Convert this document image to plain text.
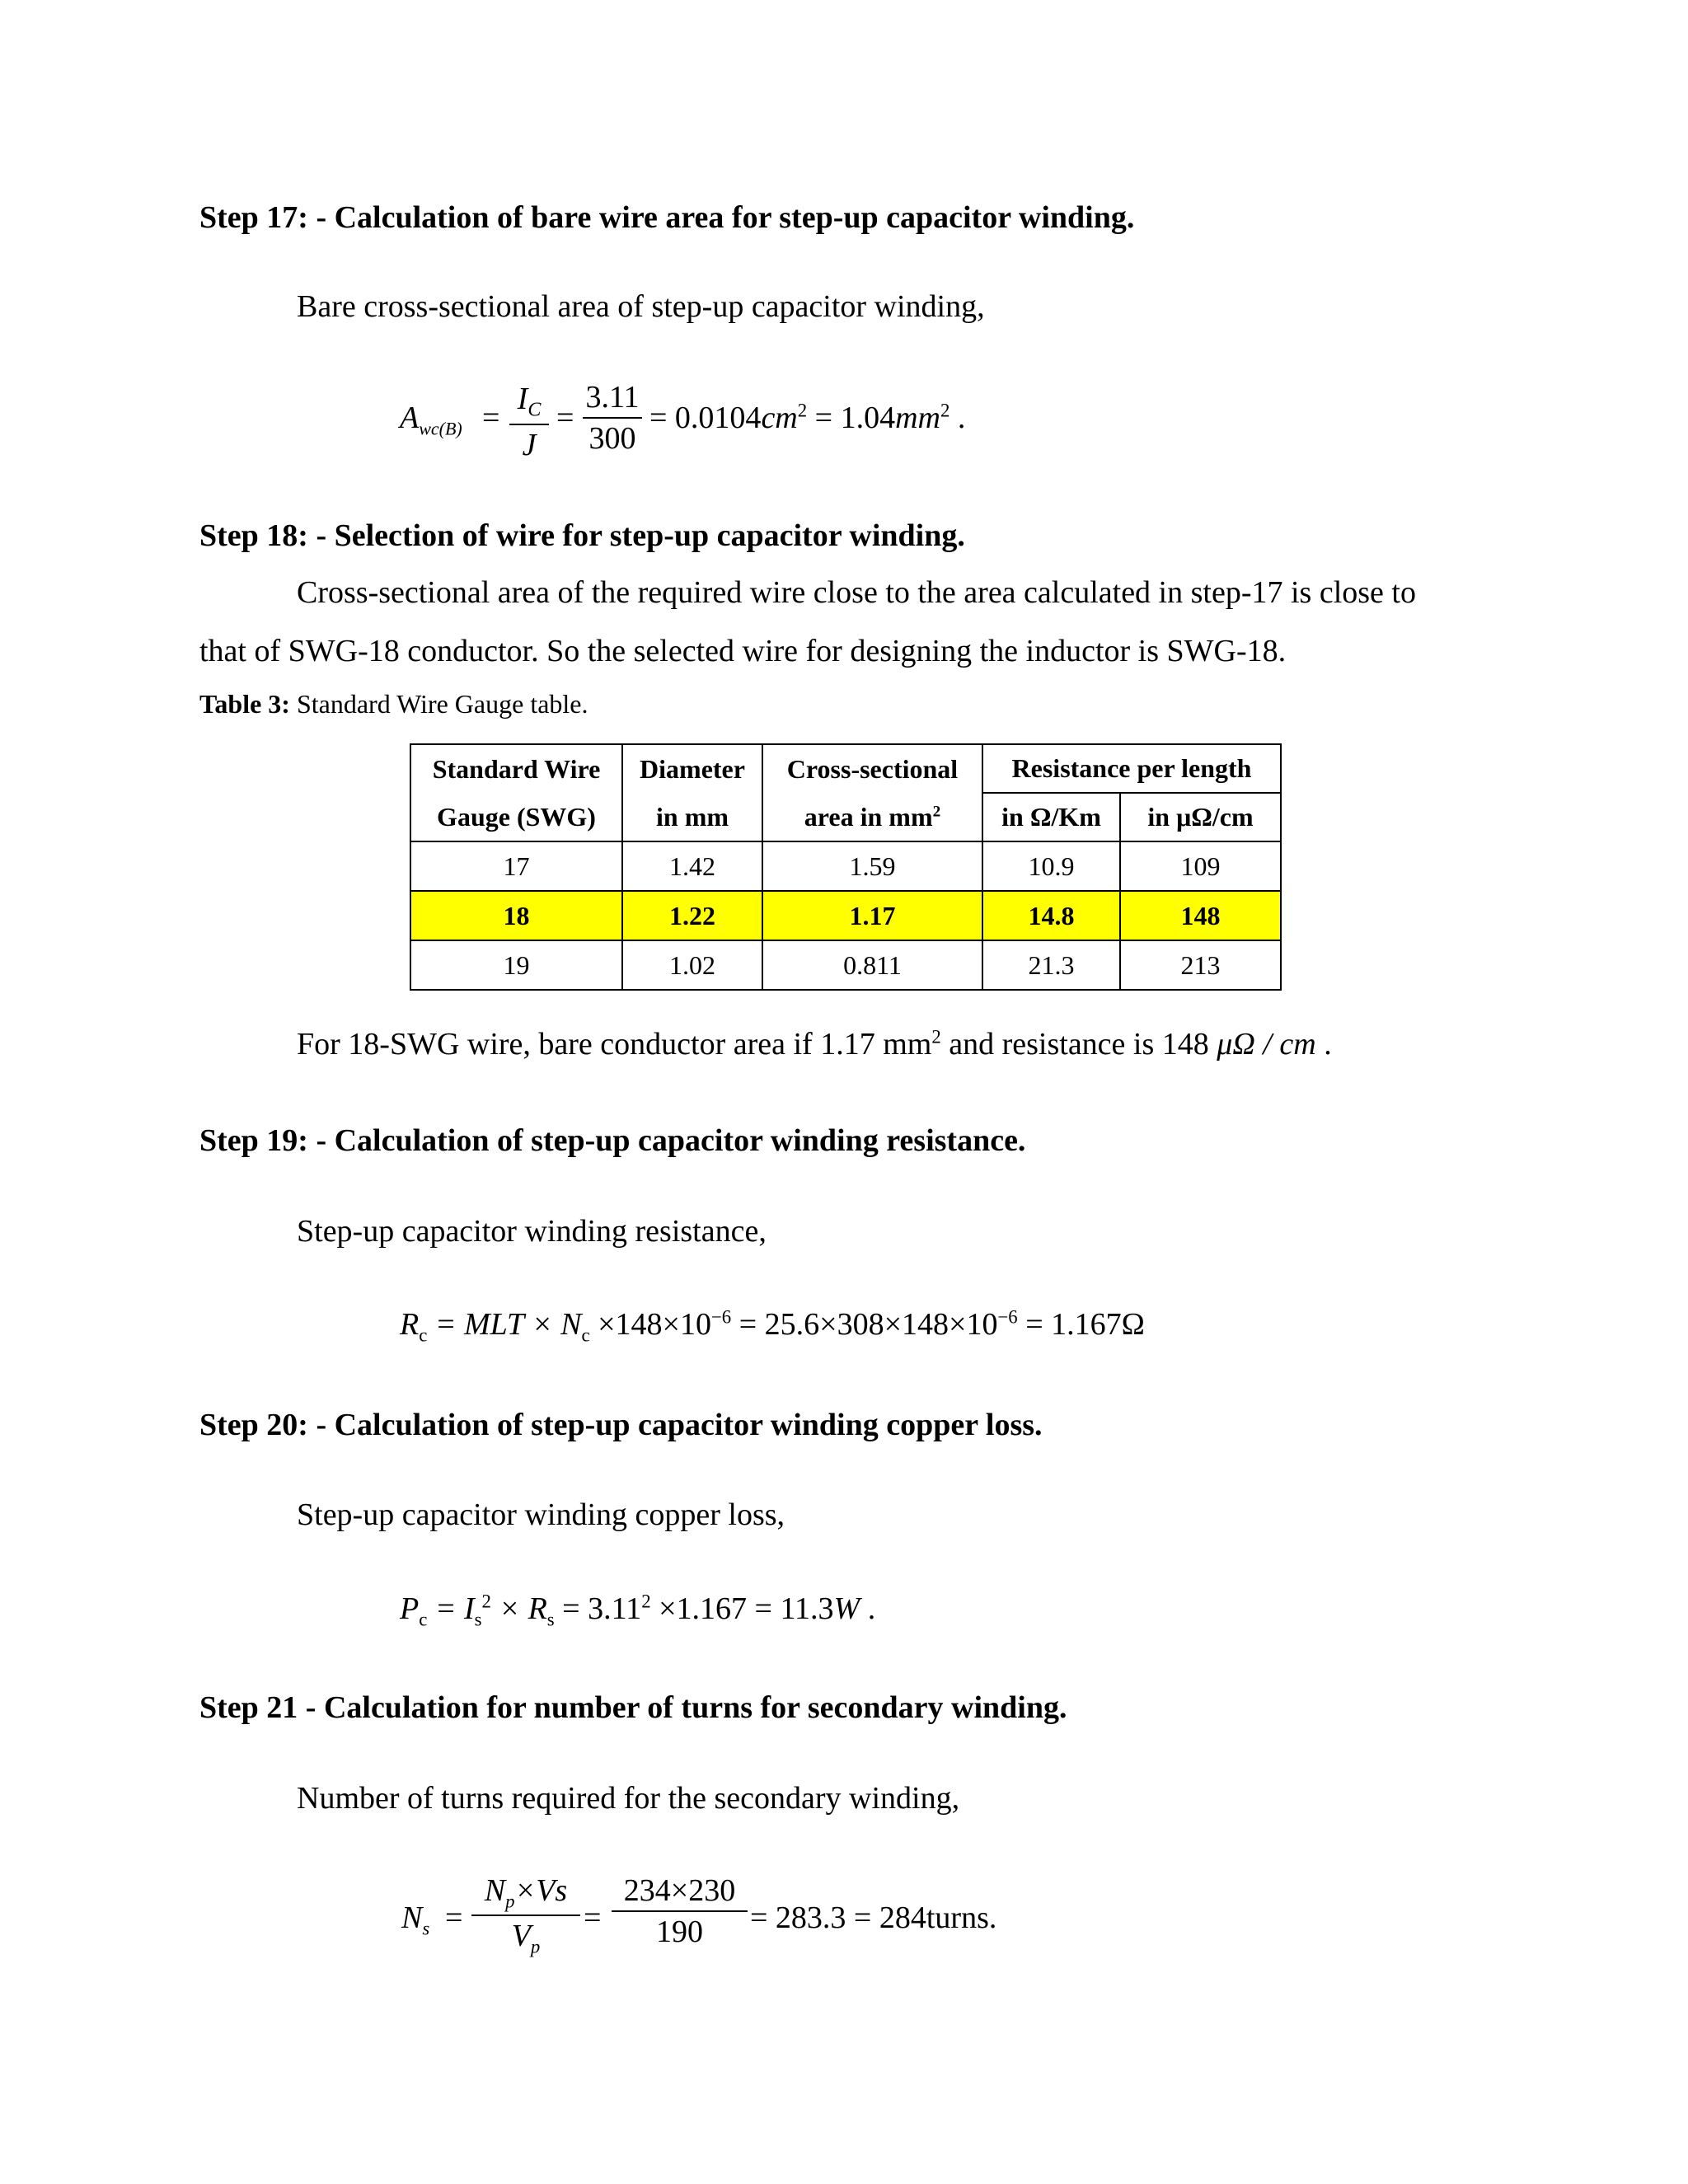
Step 17: - Calculation of bare wire area for step-up capacitor winding.
Bare cross-sectional area of step-up capacitor winding,
$A_{wc(B)}$ =
$I_C$
J
=
3.11
300
= $0.0104cm^2 = 1.04mm^2$ .
Step 18: - Selection of wire for step-up capacitor winding.
Cross-sectional area of the required wire close to the area calculated in step-17 is close to
that of SWG-18 conductor. So the selected wire for designing the inductor is SWG-18.
Table 3: Standard Wire Gauge table.
Standard Wire	Diameter	Cross-sectional	Resistance per length	
Gauge (SWG)	in mm	area in $mm^2$	in Ω/Km	in μΩ/cm
17	1.42	1.59	10.9	109
18	1.22	1.17	14.8	148
19	1.02	0.811	21.3	213
For 18-SWG wire, bare conductor area if 1.17 $mm^2$ and resistance is 148 μΩ / cm .
Step 19: - Calculation of step-up capacitor winding resistance.
Step-up capacitor winding resistance,
$R_c$ = MLT × $N_c \times 148\times 10^{-6} = 25.6\times 308\times 148\times 10^{-6} = 1.167\Omega$
Step 20: - Calculation of step-up capacitor winding copper loss.
Step-up capacitor winding copper loss,
$P_c = I_s^2 \times R_s = 3.11^2 \times 1.167 = 11.3W$ .
Step 21 - Calculation for number of turns for secondary winding.
Number of turns required for the secondary winding,
$N_s$ =
$N_p\times Vs$
$V_p$
=
234×230
190	= 283.3 = 284turns.
